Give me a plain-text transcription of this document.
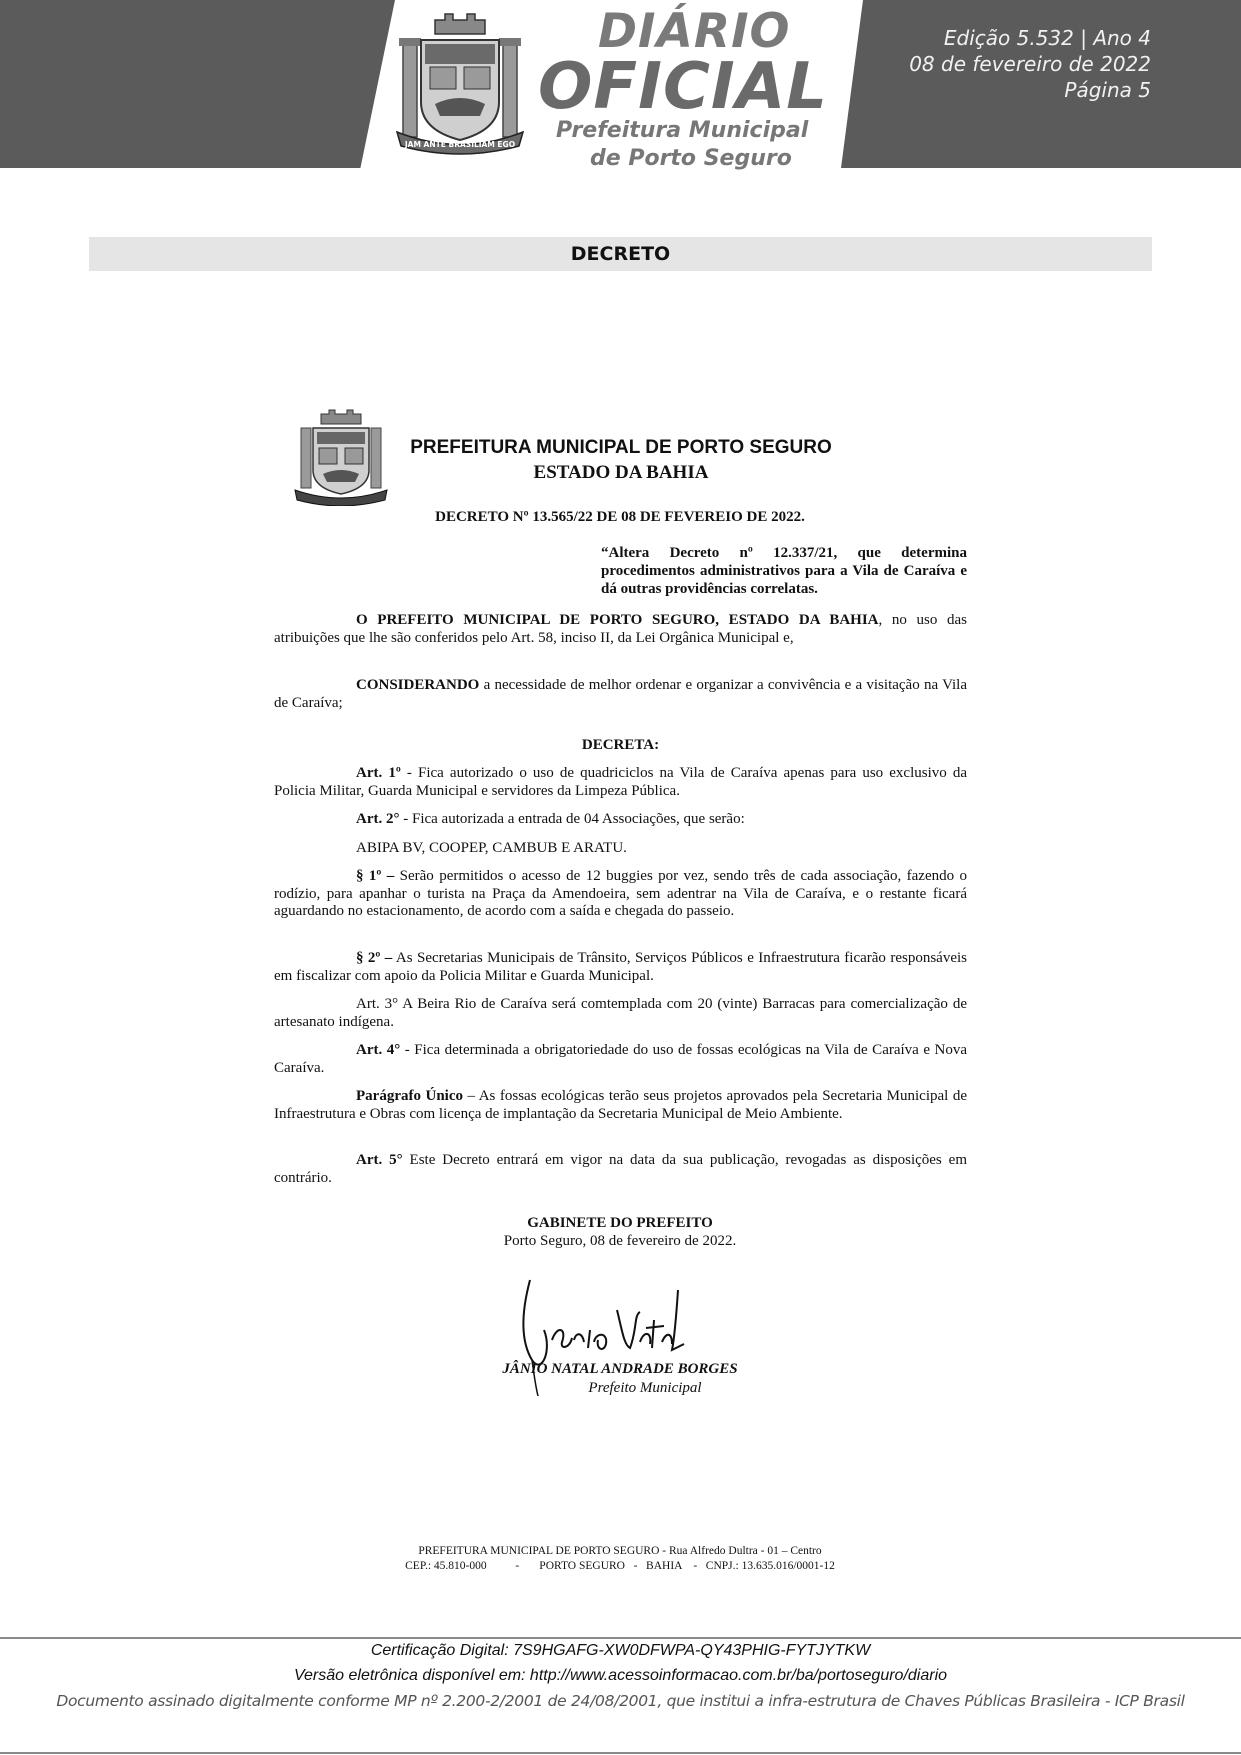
JAM ANTE BRASILIAM EGO
DIÁRIO
OFICIAL
Prefeitura Municipal
de Porto Seguro
Edição 5.532 | Ano 4
08 de fevereiro de 2022
Página 5
DECRETO
PREFEITURA MUNICIPAL DE PORTO SEGURO
ESTADO DA BAHIA
DECRETO Nº 13.565/22 DE 08 DE FEVEREIO DE 2022.
“Altera Decreto nº 12.337/21, que determina procedimentos administrativos para a Vila de Caraíva e dá outras providências correlatas.
O PREFEITO MUNICIPAL DE PORTO SEGURO, ESTADO DA BAHIA, no uso das atribuições que lhe são conferidos pelo Art. 58, inciso II, da Lei Orgânica Municipal e,
CONSIDERANDO a necessidade de melhor ordenar e organizar a convivência e a visitação na Vila de Caraíva;
DECRETA:
Art. 1º - Fica autorizado o uso de quadriciclos na Vila de Caraíva apenas para uso exclusivo da Policia Militar, Guarda Municipal e servidores da Limpeza Pública.
Art. 2° - Fica autorizada a entrada de 04 Associações, que serão:
ABIPA BV, COOPEP, CAMBUB E ARATU.
§ 1º – Serão permitidos o acesso de 12 buggies por vez, sendo três de cada associação, fazendo o rodízio, para apanhar o turista na Praça da Amendoeira, sem adentrar na Vila de Caraíva, e o restante ficará aguardando no estacionamento, de acordo com a saída e chegada do passeio.
§ 2º – As Secretarias Municipais de Trânsito, Serviços Públicos e Infraestrutura ficarão responsáveis em fiscalizar com apoio da Policia Militar e Guarda Municipal.
Art. 3° A Beira Rio de Caraíva será comtemplada com 20 (vinte) Barracas para comercialização de artesanato indígena.
Art. 4° - Fica determinada a obrigatoriedade do uso de fossas ecológicas na Vila de Caraíva e Nova Caraíva.
Parágrafo Único – As fossas ecológicas terão seus projetos aprovados pela Secretaria Municipal de Infraestrutura e Obras com licença de implantação da Secretaria Municipal de Meio Ambiente.
Art. 5° Este Decreto entrará em vigor na data da sua publicação, revogadas as disposições em contrário.
GABINETE DO PREFEITO
Porto Seguro, 08 de fevereiro de 2022.
JÂNIO NATAL ANDRADE BORGES
Prefeito Municipal
PREFEITURA MUNICIPAL DE PORTO SEGURO - Rua Alfredo Dultra - 01 – Centro
CEP.: 45.810-000          -       PORTO SEGURO   -   BAHIA    -   CNPJ.: 13.635.016/0001-12
Certificação Digital: 7S9HGAFG-XW0DFWPA-QY43PHIG-FYTJYTKW
Versão eletrônica disponível em: http://www.acessoinformacao.com.br/ba/portoseguro/diario
Documento assinado digitalmente conforme MP nº 2.200-2/2001 de 24/08/2001, que institui a infra-estrutura de Chaves Públicas Brasileira - ICP Brasil
